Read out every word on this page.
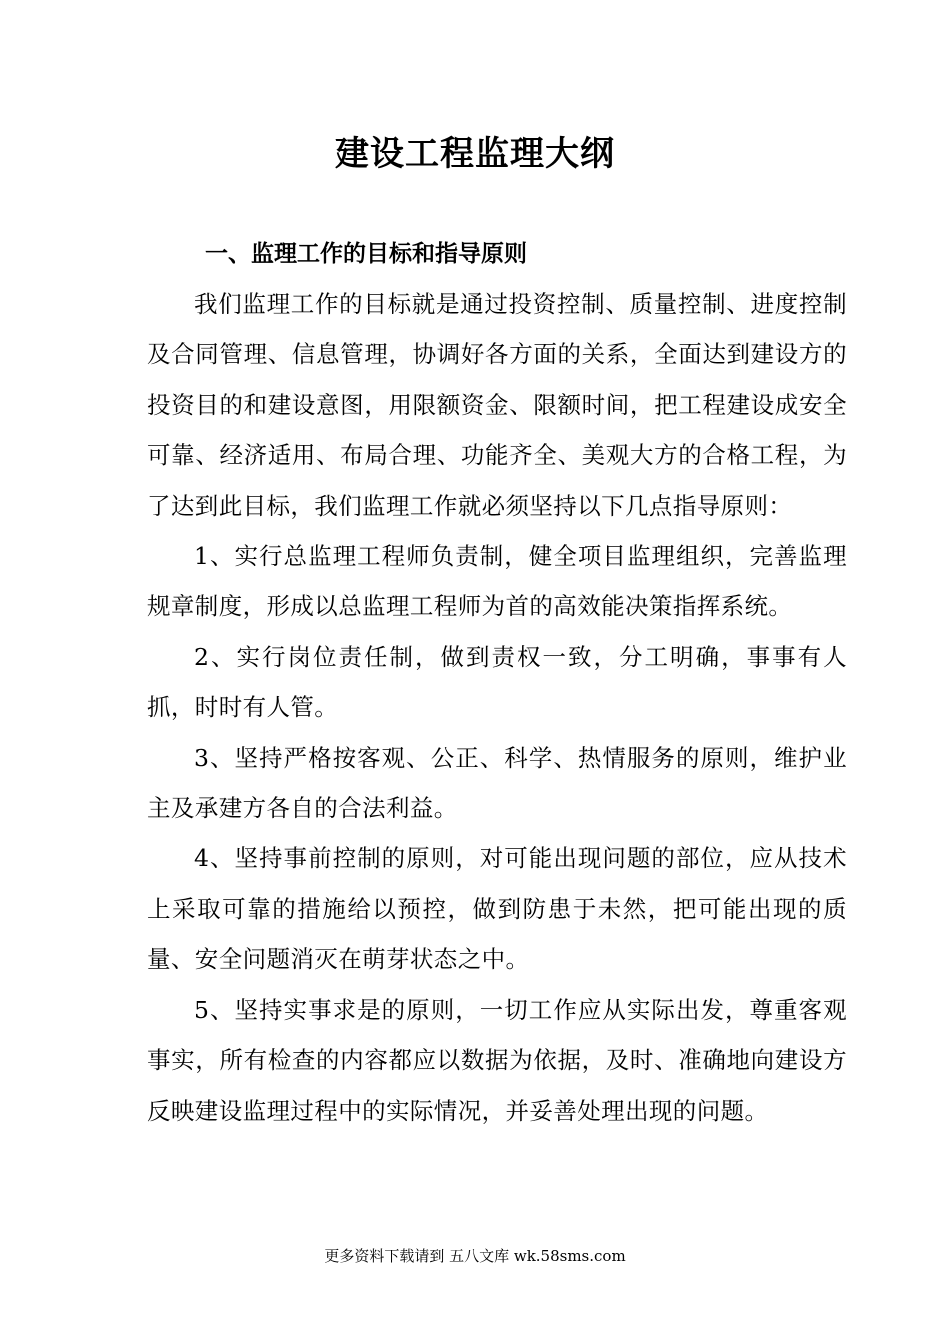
建设工程监理大纲
一、监理工作的目标和指导原则

我们监理工作的目标就是通过投资控制、质量控制、进度控制及合同管理、信息管理，协调好各方面的关系，全面达到建设方的投资目的和建设意图，用限额资金、限额时间，把工程建设成安全可靠、经济适用、布局合理、功能齐全、美观大方的合格工程，为了达到此目标，我们监理工作就必须坚持以下几点指导原则：

1、实行总监理工程师负责制，健全项目监理组织，完善监理规章制度，形成以总监理工程师为首的高效能决策指挥系统。

2、实行岗位责任制，做到责权一致，分工明确，事事有人抓，时时有人管。

3、坚持严格按客观、公正、科学、热情服务的原则，维护业主及承建方各自的合法利益。

4、坚持事前控制的原则，对可能出现问题的部位，应从技术上采取可靠的措施给以预控，做到防患于未然，把可能出现的质量、安全问题消灭在萌芽状态之中。

5、坚持实事求是的原则，一切工作应从实际出发，尊重客观事实，所有检查的内容都应以数据为依据，及时、准确地向建设方反映建设监理过程中的实际情况，并妥善处理出现的问题。

更多资料下载请到 五八文库 wk.58sms.com
